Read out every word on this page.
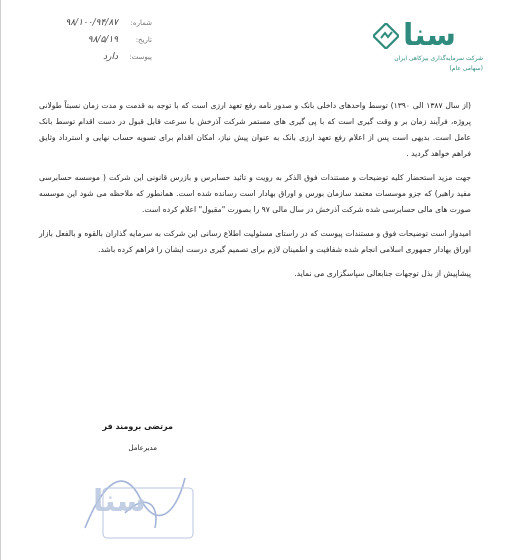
سنا
شرکت سرمایه‌گذاری بیزکاهی ایران
(سهامی عام)
شماره:
۹۸/۱۰۰/۹۴/۸۷
تاریخ:
۹۸/۵/۱۹
پیوست:
دارد

(از سال ۱۳۸۷ الی ۱۳۹۰) توسط واحدهای داخلی بانک و صدور نامه رفع تعهد ارزی است که با توجه به قدمت و مدت زمان نسبتاً طولانی پروژه، فرآیند زمان بر و وقت گیری است که با پی گیری های مستمر شرکت آذرخش با سرعت قابل قبول در دست اقدام توسط بانک عامل است. بدیهی است پس از اعلام رفع تعهد ارزی بانک به عنوان پیش نیاز، امکان اقدام برای تسویه حساب نهایی و استرداد وثایق فراهم خواهد گردید .

جهت مزید استحضار کلیه توضیحات و مستندات فوق الذکر به رویت و تائید حسابرس و بازرس قانونی این شرکت ( موسسه حسابرسی مفید راهبر) که جزو موسسات معتمد سازمان بورس و اوراق بهادار است رسانده شده است. همانطور که ملاحظه می شود این موسسه صورت های مالی حسابرسی شده شرکت آذرخش در سال مالی ۹۷ را بصورت "مقبول" اعلام کرده است.

امیدوار است توضیحات فوق و مستندات پیوست که در راستای مسئولیت اطلاع رسانی این شرکت به سرمایه گذاران بالقوه و بالفعل بازار اوراق بهادار جمهوری اسلامی انجام شده شفافیت و اطمینان لازم برای تصمیم گیری درست ایشان را فراهم کرده باشد.

پیشاپیش از بذل توجهات جنابعالی سپاسگزاری می نماید.

مرتضی برومند فر
مدیرعامل
سنا
